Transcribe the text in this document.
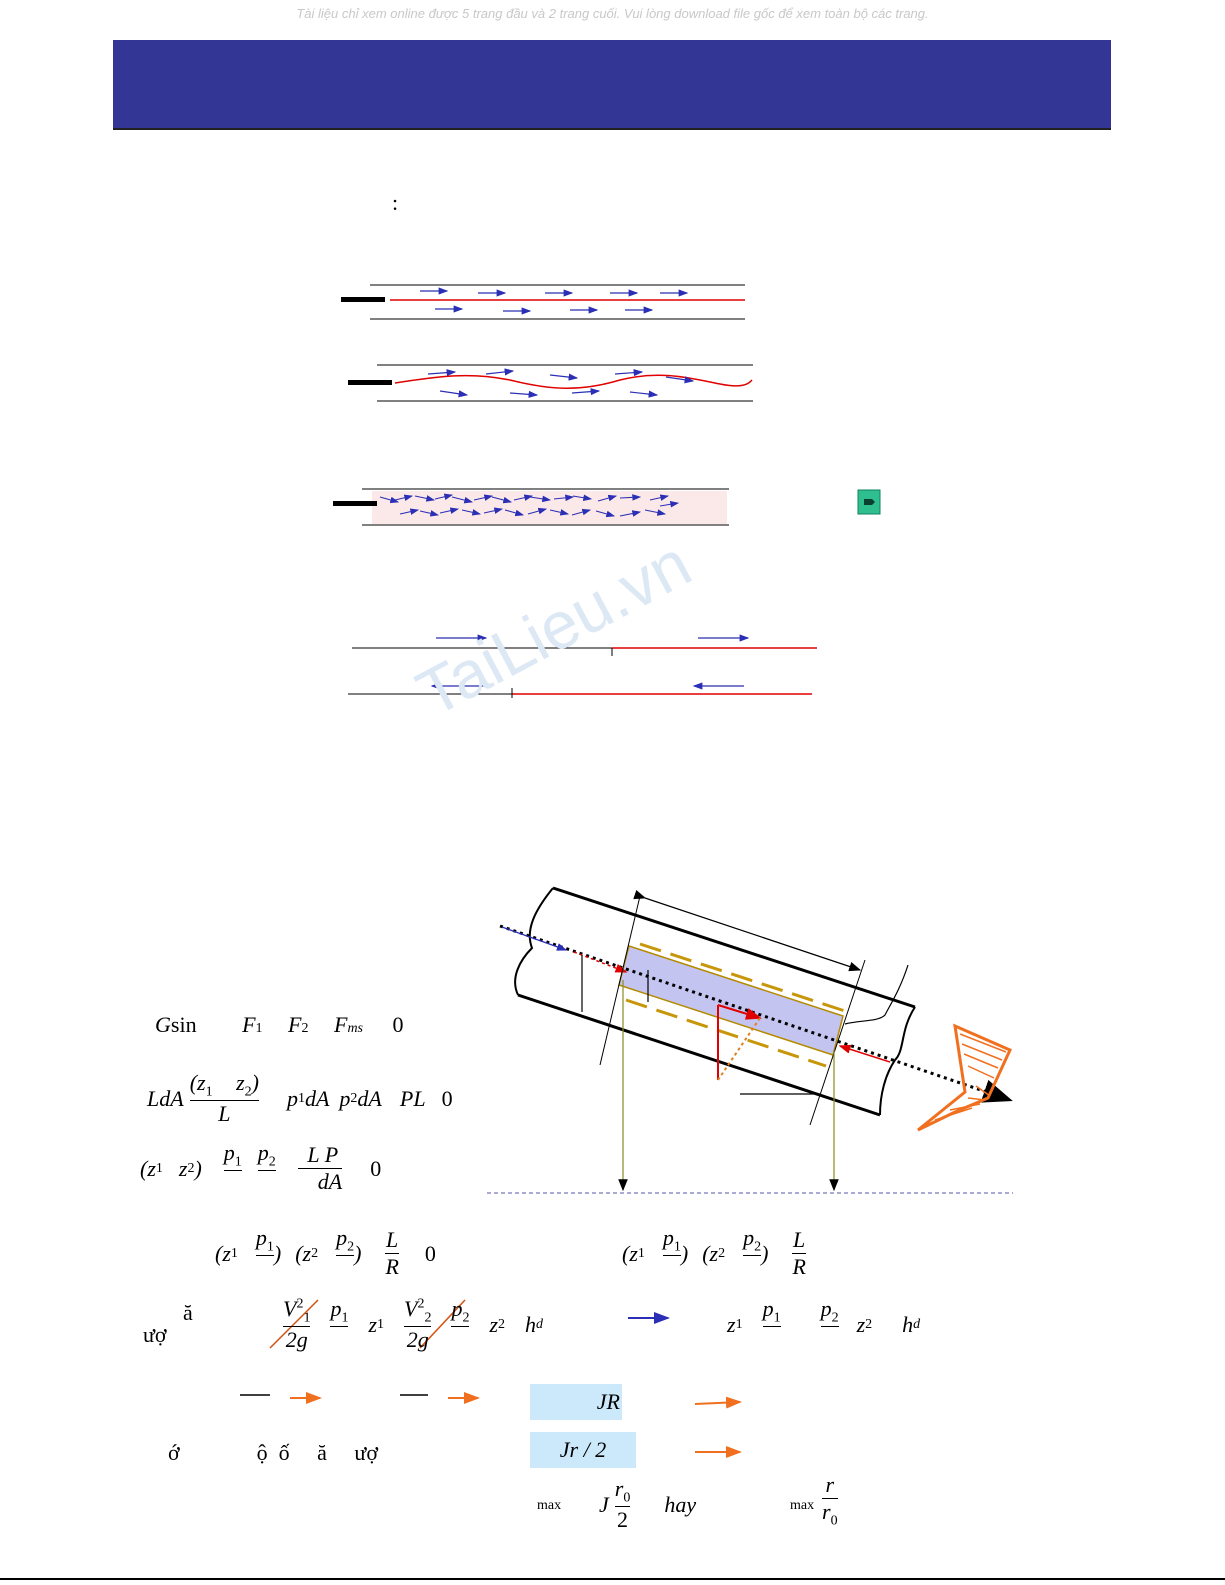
Tài liệu chỉ xem online được 5 trang đầu và 2 trang cuối. Vui lòng download file gốc để xem toàn bộ các trang.
:
TaiLieu.vn
Gsin F1 F2 Fms 0
LdA $\frac{(z_1 z_2)}{L}$ p 1 dA p 2 dA PL 0
(z 1 z 2 )
$p_1$
$p_2$
$\frac{\text{L P}}{dA} 0$
(z 1
$p_1$
) (z 2
$p_2$
) $\frac{L}{R} 0$	(z 1
$p_1$
) (z 2
$p_2$
) $\frac{L}{R}$
ă
ượ	$\frac{V^2_1}{2g} p_1$
z $1 \frac{V^2_2}{2g} p_2$
z 2 h d	z 1
$p_1$
$p_2$
z 2 h d
JR
Jr / 2
ớ              ộ  ố     ă     ượ
max J $\frac{r_0}{2}$ hay	$\max \frac{r}{r_0}$
